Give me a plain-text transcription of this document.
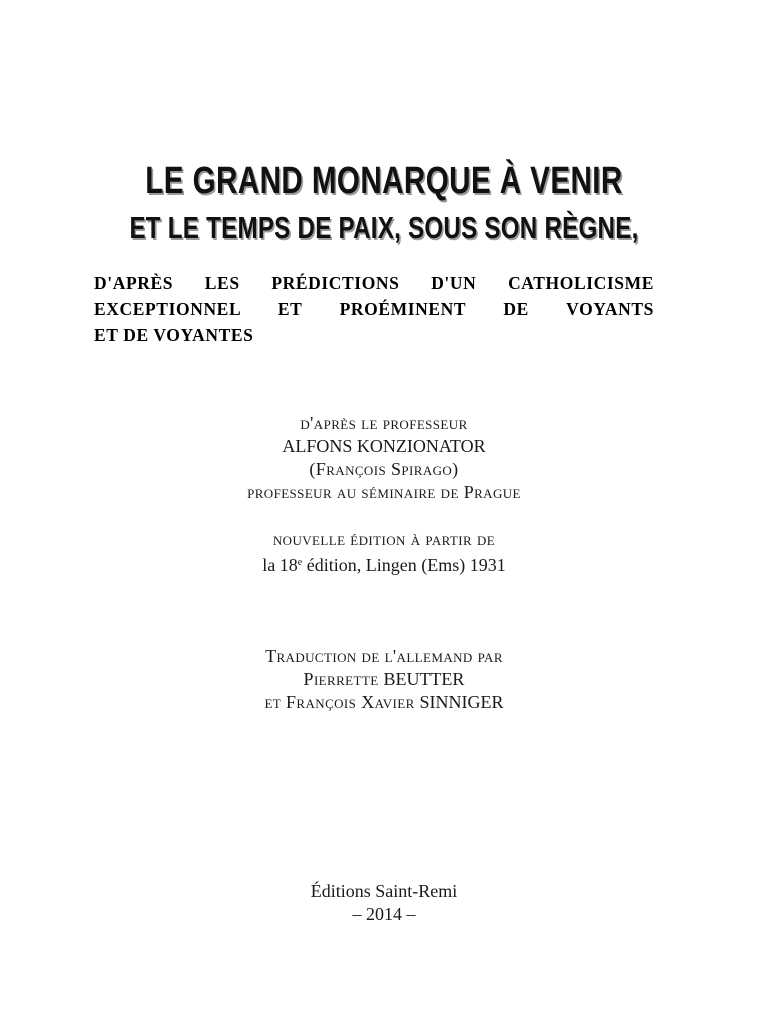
LE GRAND MONARQUE À VENIR
ET LE TEMPS DE PAIX, SOUS SON RÈGNE,
D'APRÈS LES PRÉDICTIONS D'UN CATHOLICISME
EXCEPTIONNEL ET PROÉMINENT DE VOYANTS
ET DE VOYANTES
d'après le professeur
ALFONS KONZIONATOR
(François Spirago)
professeur au séminaire de Prague
nouvelle édition à partir de
la 18e édition, Lingen (Ems) 1931
Traduction de l'allemand par
Pierrette BEUTTER
et François Xavier SINNIGER
Éditions Saint-Remi
– 2014 –
